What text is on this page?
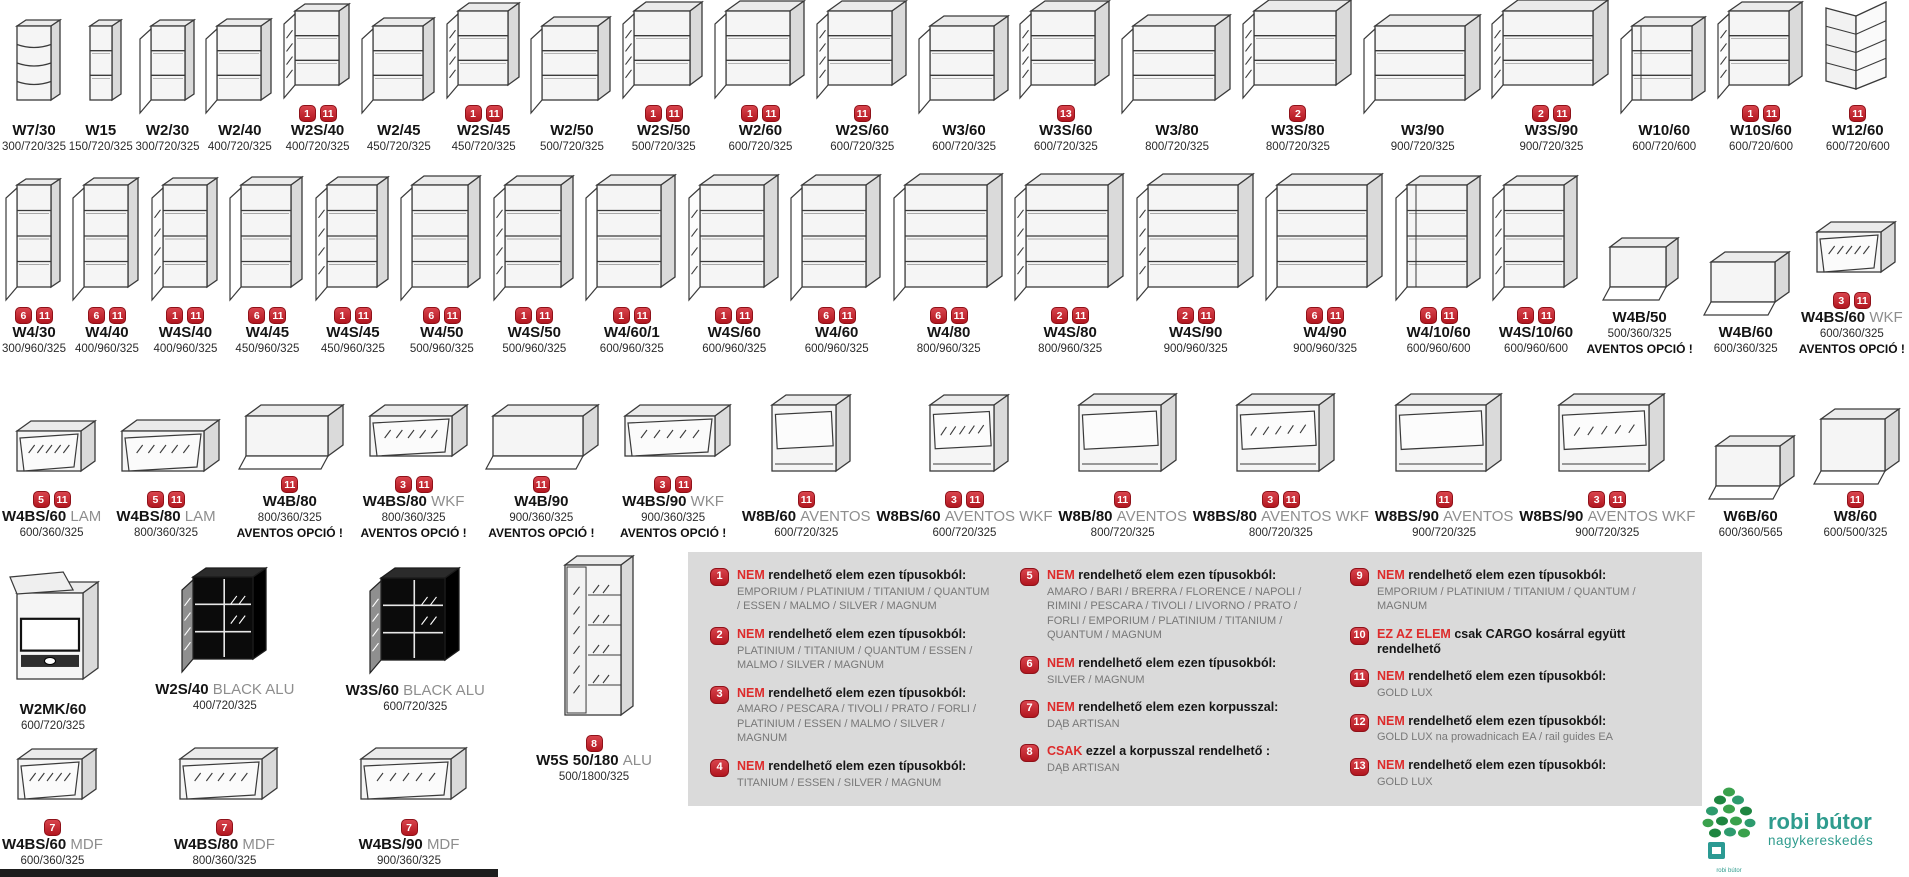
W7/30
300/720/325
W15
150/720/325
W2/30
300/720/325
W2/40
400/720/325
1	11
W2S/40
400/720/325
W2/45
450/720/325
1	11
W2S/45
450/720/325
W2/50
500/720/325
1	11
W2S/50
500/720/325
1	11
W2/60
600/720/325
11
W2S/60
600/720/325
W3/60
600/720/325
13
W3S/60
600/720/325
W3/80
800/720/325
2
W3S/80
800/720/325
W3/90
900/720/325
2	11
W3S/90
900/720/325
W10/60
600/720/600
1	11
W10S/60
600/720/600
11
W12/60
600/720/600
6	11
W4/30
300/960/325
6	11
W4/40
400/960/325
1	11
W4S/40
400/960/325
6	11
W4/45
450/960/325
1	11
W4S/45
450/960/325
6	11
W4/50
500/960/325
1	11
W4S/50
500/960/325
1	11
W4/60/1
600/960/325
1	11
W4S/60
600/960/325
6	11
W4/60
600/960/325
6	11
W4/80
800/960/325
2	11
W4S/80
800/960/325
2	11
W4S/90
900/960/325
6	11
W4/90
900/960/325
6	11
W4/10/60
600/960/600
1	11
W4S/10/60
600/960/600
W4B/50
500/360/325
AVENTOS OPCIÓ !
W4B/60
600/360/325
3	11
W4BS/60 WKF
600/360/325
AVENTOS OPCIÓ !
5	11
W4BS/60 LAM
600/360/325
5	11
W4BS/80 LAM
800/360/325
11
W4B/80
800/360/325
AVENTOS OPCIÓ !
3	11
W4BS/80 WKF
800/360/325
AVENTOS OPCIÓ !
11
W4B/90
900/360/325
AVENTOS OPCIÓ !
3	11
W4BS/90 WKF
900/360/325
AVENTOS OPCIÓ !
11
W8B/60 AVENTOS
600/720/325
3	11
W8BS/60 AVENTOS WKF
600/720/325
11
W8B/80 AVENTOS
800/720/325
3	11
W8BS/80 AVENTOS WKF
800/720/325
11
W8BS/90 AVENTOS
900/720/325
3	11
W8BS/90 AVENTOS WKF
900/720/325
W6B/60
600/360/565
11
W8/60
600/500/325
W2MK/60
600/720/325
W2S/40 BLACK ALU
400/720/325
W3S/60 BLACK ALU
600/720/325
8
W5S 50/180 ALU
500/1800/325
7
W4BS/60 MDF
600/360/325
7
W4BS/80 MDF
800/360/325
7
W4BS/90 MDF
900/360/325
1	NEM rendelhető elem ezen típusokból:
EMPORIUM / PLATINIUM / TITANIUM / QUANTUM / ESSEN / MALMO / SILVER / MAGNUM
2	NEM rendelhető elem ezen típusokból:
PLATINIUM / TITANIUM / QUANTUM / ESSEN / MALMO / SILVER / MAGNUM
3	NEM rendelhető elem ezen típusokból:
AMARO / PESCARA / TIVOLI / PRATO / FORLI / PLATINIUM / ESSEN / MALMO / SILVER / MAGNUM
4	NEM rendelhető elem ezen típusokból:
TITANIUM / ESSEN / SILVER / MAGNUM
5	NEM rendelhető elem ezen típusokból:
AMARO / BARI / BRERRA / FLORENCE / NAPOLI / RIMINI / PESCARA / TIVOLI / LIVORNO / PRATO / FORLI / EMPORIUM / PLATINIUM / TITANIUM / QUANTUM / MAGNUM
6	NEM rendelhető elem ezen típusokból:
SILVER / MAGNUM
7	NEM rendelhető elem ezen korpusszal:
DĄB ARTISAN
8	CSAK ezzel a korpusszal rendelhető :
DĄB ARTISAN
9	NEM rendelhető elem ezen típusokból:
EMPORIUM / PLATINIUM / TITANIUM / QUANTUM / MAGNUM
10 EZ AZ ELEM csak CARGO kosárral együtt rendelhető
11 NEM rendelhető elem ezen típusokból:
GOLD LUX
12 NEM rendelhető elem ezen típusokból:
GOLD LUX na prowadnicach EA / rail guides EA
13 NEM rendelhető elem ezen típusokból:
GOLD LUX
robi bútor
robi bútor
nagykereskedés
